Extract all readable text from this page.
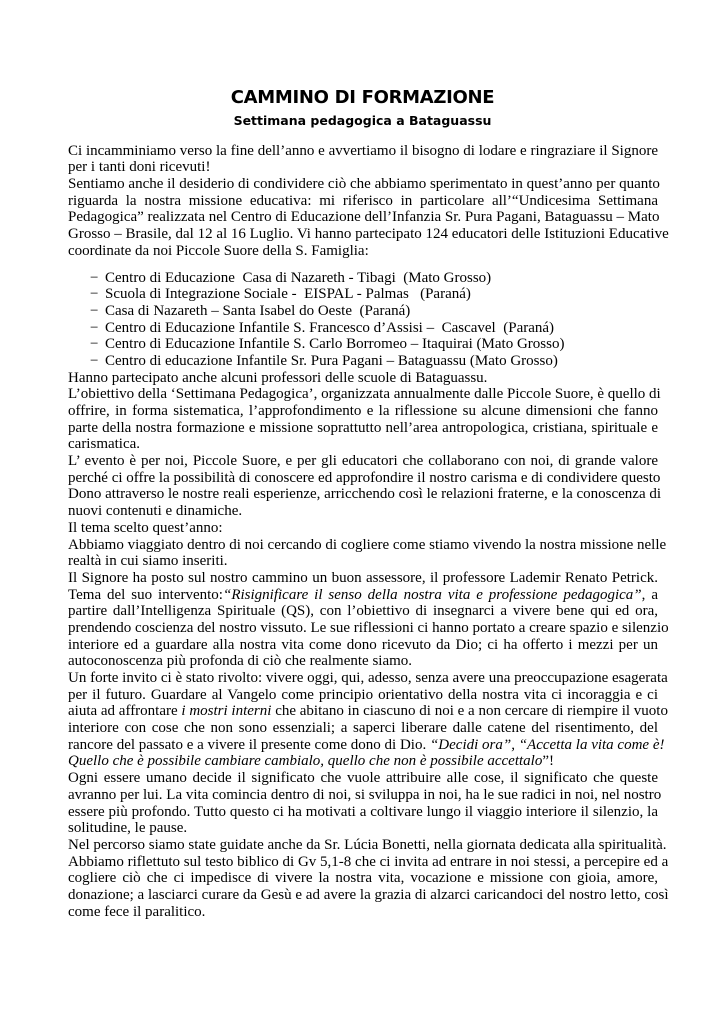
CAMMINO DI FORMAZIONE
Settimana pedagogica a Bataguassu
Ci incamminiamo verso la fine dell’anno e avvertiamo il bisogno di lodare e ringraziare il Signore
per i tanti doni ricevuti!
Sentiamo anche il desiderio di condividere ciò che abbiamo sperimentato in quest’anno per quanto
riguarda la nostra missione educativa: mi riferisco in particolare all’“Undicesima Settimana
Pedagogica” realizzata nel Centro di Educazione dell’Infanzia Sr. Pura Pagani, Bataguassu – Mato
Grosso – Brasile, dal 12 al 16 Luglio. Vi hanno partecipato 124 educatori delle Istituzioni Educative
coordinate da noi Piccole Suore della S. Famiglia:
− Centro di Educazione  Casa di Nazareth - Tibagi  (Mato Grosso)
− Scuola di Integrazione Sociale -  EISPAL - Palmas   (Paraná)
− Casa di Nazareth – Santa Isabel do Oeste  (Paraná)
− Centro di Educazione Infantile S. Francesco d’Assisi –  Cascavel  (Paraná)
− Centro di Educazione Infantile S. Carlo Borromeo – Itaquirai (Mato Grosso)
− Centro di educazione Infantile Sr. Pura Pagani – Bataguassu (Mato Grosso)
Hanno partecipato anche alcuni professori delle scuole di Bataguassu.
L’obiettivo della ‘Settimana Pedagogica’, organizzata annualmente dalle Piccole Suore, è quello di
offrire, in forma sistematica, l’approfondimento e la riflessione su alcune dimensioni che fanno
parte della nostra formazione e missione soprattutto nell’area antropologica, cristiana, spirituale e
carismatica.
L’ evento è per noi, Piccole Suore, e per gli educatori che collaborano con noi, di grande valore
perché ci offre la possibilità di conoscere ed approfondire il nostro carisma e di condividere questo
Dono attraverso le nostre reali esperienze, arricchendo così le relazioni fraterne, e la conoscenza di
nuovi contenuti e dinamiche.
Il tema scelto quest’anno:
Abbiamo viaggiato dentro di noi cercando di cogliere come stiamo vivendo la nostra missione nelle
realtà in cui siamo inseriti.
Il Signore ha posto sul nostro cammino un buon assessore, il professore Lademir Renato Petrick.
Tema del suo intervento:“Risignificare il senso della nostra vita e professione pedagogica”, a
partire dall’Intelligenza Spirituale (QS), con l’obiettivo di insegnarci a vivere bene qui ed ora,
prendendo coscienza del nostro vissuto. Le sue riflessioni ci hanno portato a creare spazio e silenzio
interiore ed a guardare alla nostra vita come dono ricevuto da Dio; ci ha offerto i mezzi per un
autoconoscenza più profonda di ciò che realmente siamo.
Un forte invito ci è stato rivolto: vivere oggi, qui, adesso, senza avere una preoccupazione esagerata
per il futuro. Guardare al Vangelo come principio orientativo della nostra vita ci incoraggia e ci
aiuta ad affrontare i mostri interni che abitano in ciascuno di noi e a non cercare di riempire il vuoto
interiore con cose che non sono essenziali; a saperci liberare dalle catene del risentimento, del
rancore del passato e a vivere il presente come dono di Dio. “Decidi ora”, “Accetta la vita come è!
Quello che è possibile cambiare cambialo, quello che non è possibile accettalo”!
Ogni essere umano decide il significato che vuole attribuire alle cose, il significato che queste
avranno per lui. La vita comincia dentro di noi, si sviluppa in noi, ha le sue radici in noi, nel nostro
essere più profondo. Tutto questo ci ha motivati a coltivare lungo il viaggio interiore il silenzio, la
solitudine, le pause.
Nel percorso siamo state guidate anche da Sr. Lúcia Bonetti, nella giornata dedicata alla spiritualità.
Abbiamo riflettuto sul testo biblico di Gv 5,1-8 che ci invita ad entrare in noi stessi, a percepire ed a
cogliere ciò che ci impedisce di vivere la nostra vita, vocazione e missione con gioia, amore,
donazione; a lasciarci curare da Gesù e ad avere la grazia di alzarci caricandoci del nostro letto, così
come fece il paralitico.
